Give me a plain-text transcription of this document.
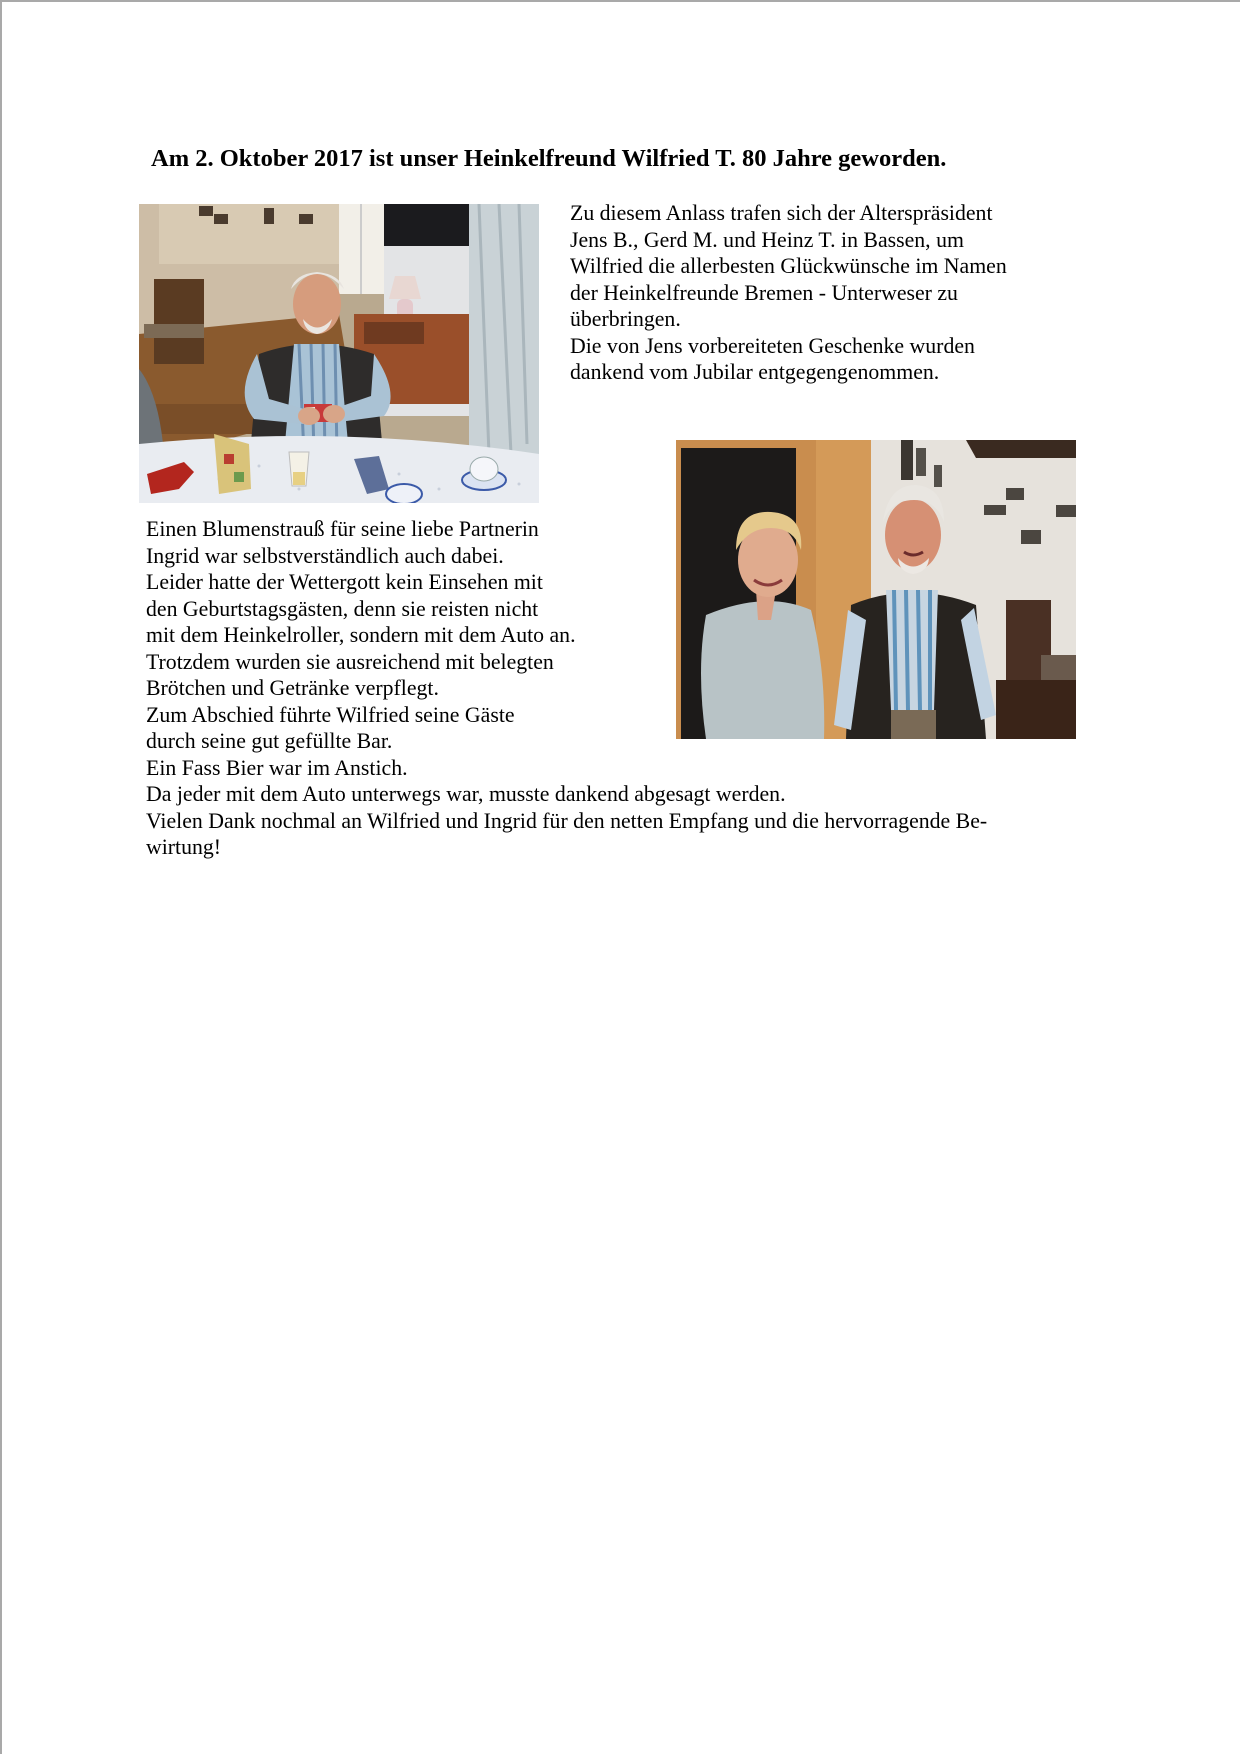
Am 2. Oktober 2017 ist unser Heinkelfreund Wilfried T. 80 Jahre geworden.
Zu diesem Anlass trafen sich der Alterspräsident
Jens B., Gerd M. und Heinz T. in Bassen, um
Wilfried die allerbesten Glückwünsche im Namen
der Heinkelfreunde Bremen - Unterweser zu
überbringen.
Die von Jens vorbereiteten Geschenke wurden
dankend vom Jubilar entgegengenommen.
Einen Blumenstrauß für seine liebe Partnerin
Ingrid war selbstverständlich auch dabei.
Leider hatte der Wettergott kein Einsehen mit
den Geburtstagsgästen, denn sie reisten nicht
mit dem Heinkelroller, sondern mit dem Auto an.
Trotzdem wurden sie ausreichend mit belegten
Brötchen und Getränke verpflegt.
Zum Abschied führte Wilfried seine Gäste
durch seine gut gefüllte Bar.
Ein Fass Bier war im Anstich.
Da jeder mit dem Auto unterwegs war, musste dankend abgesagt werden.
Vielen Dank nochmal an Wilfried und Ingrid für den netten Empfang und die hervorragende Be-
wirtung!
